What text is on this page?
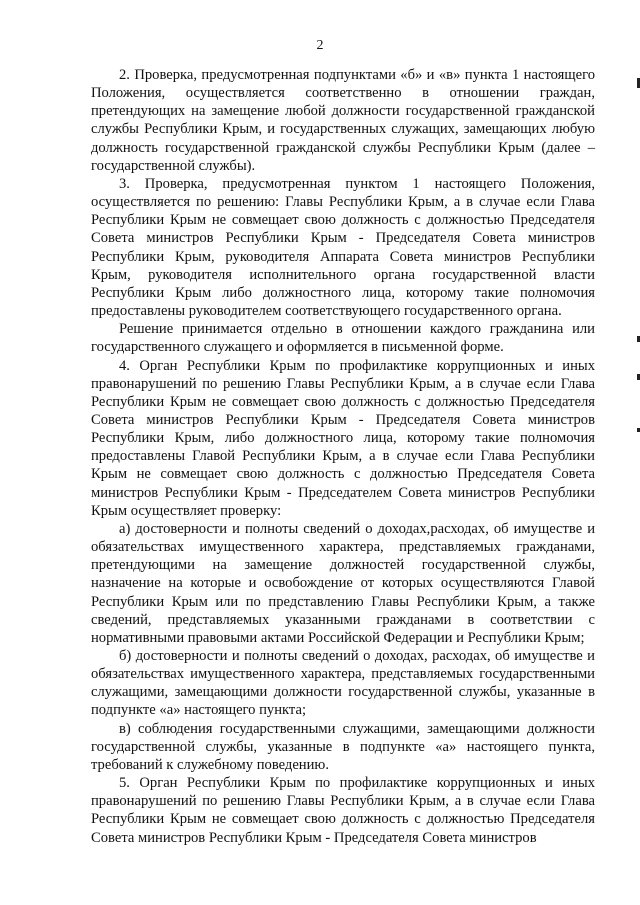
2

2. Проверка, предусмотренная подпунктами «б» и «в» пункта 1 настоящего Положения, осуществляется соответственно в отношении граждан, претендующих на замещение любой должности государственной гражданской службы Республики Крым, и государственных служащих, замещающих любую должность государственной гражданской службы Республики Крым (далее – государственной службы).

3. Проверка, предусмотренная пунктом 1 настоящего Положения, осуществляется по решению: Главы Республики Крым, а в случае если Глава Республики Крым не совмещает свою должность с должностью Председателя Совета министров Республики Крым - Председателя Совета министров Республики Крым, руководителя Аппарата Совета министров Республики Крым, руководителя исполнительного органа государственной власти Республики Крым либо должностного лица, которому такие полномочия предоставлены руководителем соответствующего государственного органа.

Решение принимается отдельно в отношении каждого гражданина или государственного служащего и оформляется в письменной форме.

4. Орган Республики Крым по профилактике коррупционных и иных правонарушений по решению Главы Республики Крым, а в случае если Глава Республики Крым не совмещает свою должность с должностью Председателя Совета министров Республики Крым - Председателя Совета министров Республики Крым, либо должностного лица, которому такие полномочия предоставлены Главой Республики Крым, а в случае если Глава Республики Крым не совмещает свою должность с должностью Председателя Совета министров Республики Крым - Председателем Совета министров Республики Крым осуществляет проверку:

а) достоверности и полноты сведений о доходах,расходах, об имуществе и обязательствах имущественного характера, представляемых гражданами, претендующими на замещение должностей государственной службы, назначение на которые и освобождение от которых осуществляются Главой Республики Крым или по представлению Главы Республики Крым, а также сведений, представляемых указанными гражданами в соответствии с нормативными правовыми актами Российской Федерации и Республики Крым;

б) достоверности и полноты сведений о доходах, расходах, об имуществе и обязательствах имущественного характера, представляемых государственными служащими, замещающими должности государственной службы, указанные в подпункте «а» настоящего пункта;

в) соблюдения государственными служащими, замещающими должности государственной службы, указанные в подпункте «а» настоящего пункта, требований к служебному поведению.

5. Орган Республики Крым по профилактике коррупционных и иных правонарушений по решению Главы Республики Крым, а в случае если Глава Республики Крым не совмещает свою должность с должностью Председателя Совета министров Республики Крым - Председателя Совета министров
